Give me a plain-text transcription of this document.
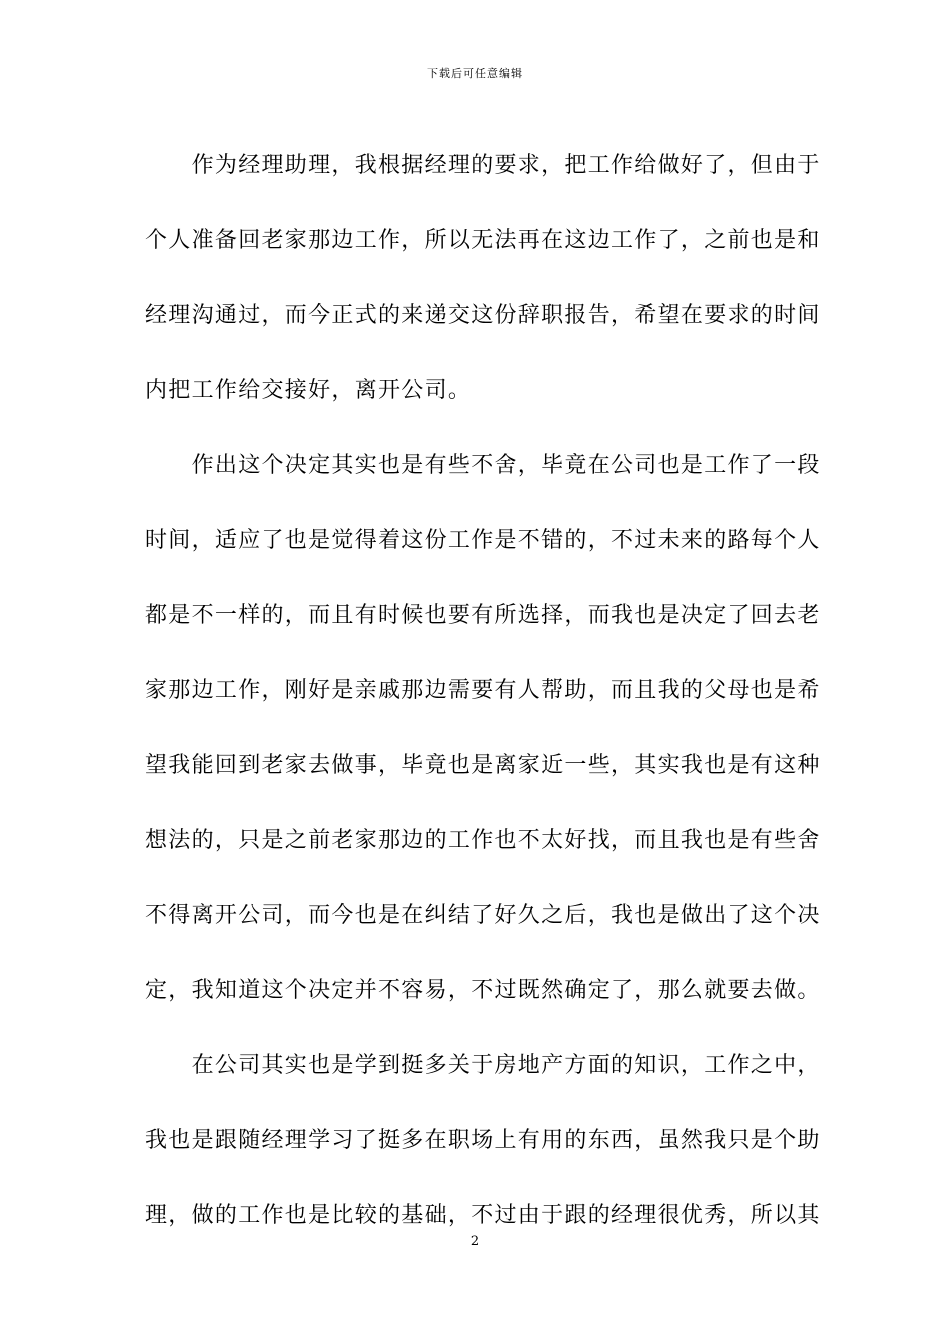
下载后可任意编辑
　　作为经理助理，我根据经理的要求，把工作给做好了，但由于
个人准备回老家那边工作，所以无法再在这边工作了，之前也是和
经理沟通过，而今正式的来递交这份辞职报告，希望在要求的时间
内把工作给交接好，离开公司。
　　作出这个决定其实也是有些不舍，毕竟在公司也是工作了一段
时间，适应了也是觉得着这份工作是不错的，不过未来的路每个人
都是不一样的，而且有时候也要有所选择，而我也是决定了回去老
家那边工作，刚好是亲戚那边需要有人帮助，而且我的父母也是希
望我能回到老家去做事，毕竟也是离家近一些，其实我也是有这种
想法的，只是之前老家那边的工作也不太好找，而且我也是有些舍
不得离开公司，而今也是在纠结了好久之后，我也是做出了这个决
定，我知道这个决定并不容易，不过既然确定了，那么就要去做。
　　在公司其实也是学到挺多关于房地产方面的知识，工作之中，
我也是跟随经理学习了挺多在职场上有用的东西，虽然我只是个助
理，做的工作也是比较的基础，不过由于跟的经理很优秀，所以其
2
